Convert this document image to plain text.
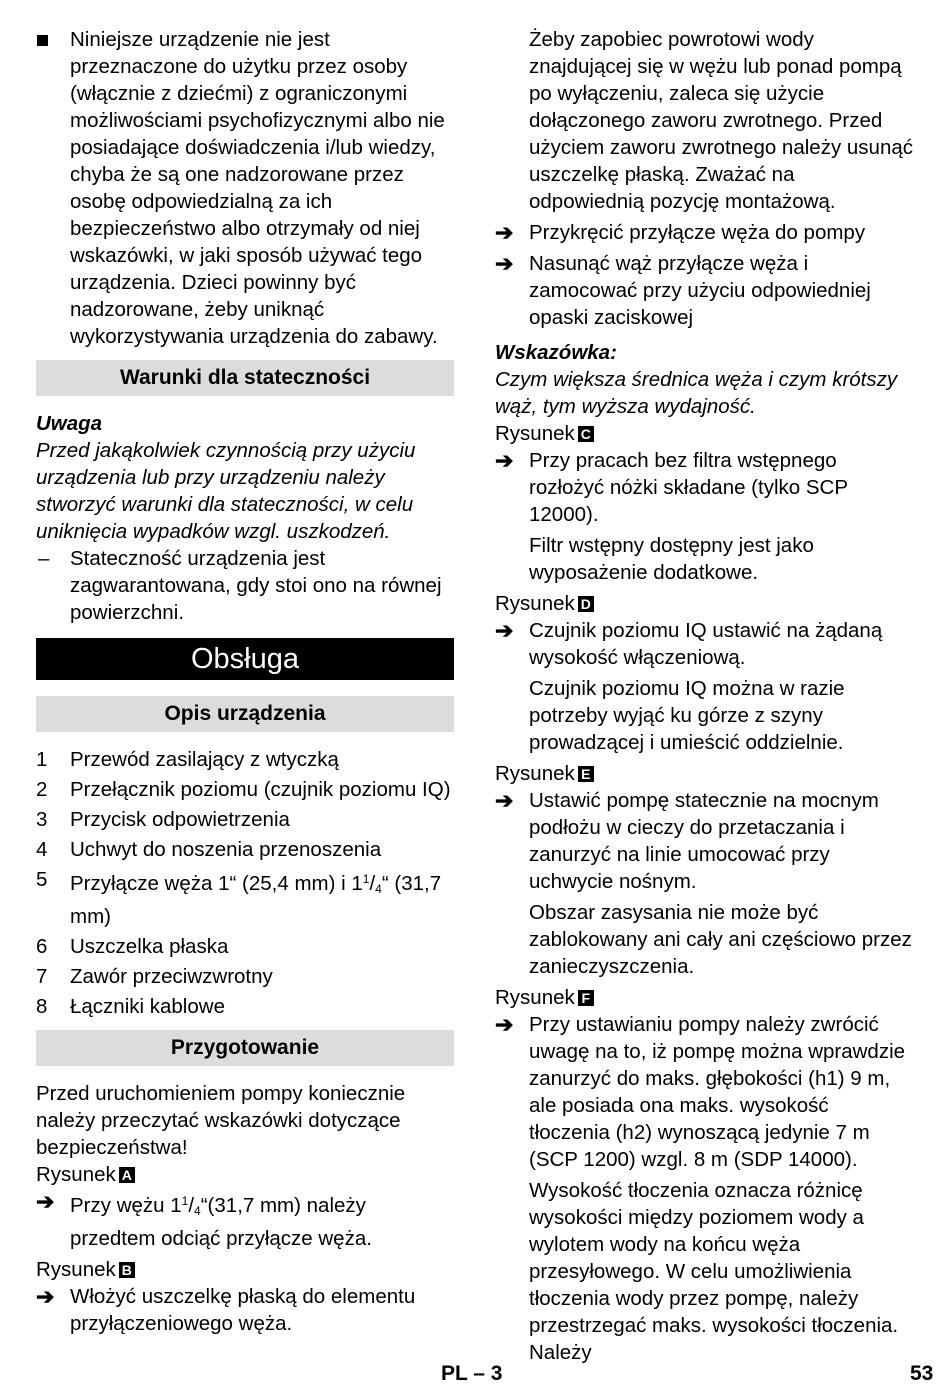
Niniejsze urządzenie nie jest przeznaczone do użytku przez osoby (włącznie z dziećmi) z ograniczonymi możliwościami psychofizycznymi albo nie posiadające doświadczenia i/lub wiedzy, chyba że są one nadzorowane przez osobę odpowiedzialną za ich bezpieczeństwo albo otrzymały od niej wskazówki, w jaki sposób używać tego urządzenia. Dzieci powinny być nadzorowane, żeby uniknąć wykorzystywania urządzenia do zabawy.
Warunki dla stateczności
Uwaga
Przed jakąkolwiek czynnością przy użyciu urządzenia lub przy urządzeniu należy stworzyć warunki dla stateczności, w celu uniknięcia wypadków wzgl. uszkodzeń.
–	Stateczność urządzenia jest zagwarantowana, gdy stoi ono na równej powierzchni.
Obsługa
Opis urządzenia
1	Przewód zasilający z wtyczką
2	Przełącznik poziomu (czujnik poziomu IQ)
3	Przycisk odpowietrzenia
4	Uchwyt do noszenia przenoszenia
5	Przyłącze węża 1“ (25,4 mm) i $1^1/_4“$ (31,7 mm)
6	Uszczelka płaska
7	Zawór przeciwzwrotny
8	Łączniki kablowe
Przygotowanie
Przed uruchomieniem pompy koniecznie należy przeczytać wskazówki dotyczące bezpieczeństwa!
Rysunek A
➔ Przy wężu $1^1/_4“(31,7$ mm) należy przedtem odciąć przyłącze węża.
Rysunek B
➔ Włożyć uszczelkę płaską do elementu przyłączeniowego węża.
Żeby zapobiec powrotowi wody znajdującej się w wężu lub ponad pompą po wyłączeniu, zaleca się użycie dołączonego zaworu zwrotnego. Przed użyciem zaworu zwrotnego należy usunąć uszczelkę płaską. Zważać na odpowiednią pozycję montażową.
➔ Przykręcić przyłącze węża do pompy
➔ Nasunąć wąż przyłącze węża i zamocować przy użyciu odpowiedniej opaski zaciskowej
Wskazówka:
Czym większa średnica węża i czym krótszy wąż, tym wyższa wydajność.
Rysunek C
➔ Przy pracach bez filtra wstępnego rozłożyć nóżki składane (tylko SCP 12000).
Filtr wstępny dostępny jest jako wyposażenie dodatkowe.
Rysunek D
➔ Czujnik poziomu IQ ustawić na żądaną wysokość włączeniową.
Czujnik poziomu IQ można w razie potrzeby wyjąć ku górze z szyny prowadzącej i umieścić oddzielnie.
Rysunek E
➔ Ustawić pompę statecznie na mocnym podłożu w cieczy do przetaczania i zanurzyć na linie umocować przy uchwycie nośnym.
Obszar zasysania nie może być zablokowany ani cały ani częściowo przez zanieczyszczenia.
Rysunek F
➔ Przy ustawianiu pompy należy zwrócić uwagę na to, iż pompę można wprawdzie zanurzyć do maks. głębokości (h1) 9 m, ale posiada ona maks. wysokość tłoczenia (h2) wynoszącą jedynie 7 m (SCP 1200) wzgl. 8 m (SDP 14000).
Wysokość tłoczenia oznacza różnicę wysokości między poziomem wody a wylotem wody na końcu węża przesyłowego. W celu umożliwienia tłoczenia wody przez pompę, należy przestrzegać maks. wysokości tłoczenia. Należy
PL – 3	53
